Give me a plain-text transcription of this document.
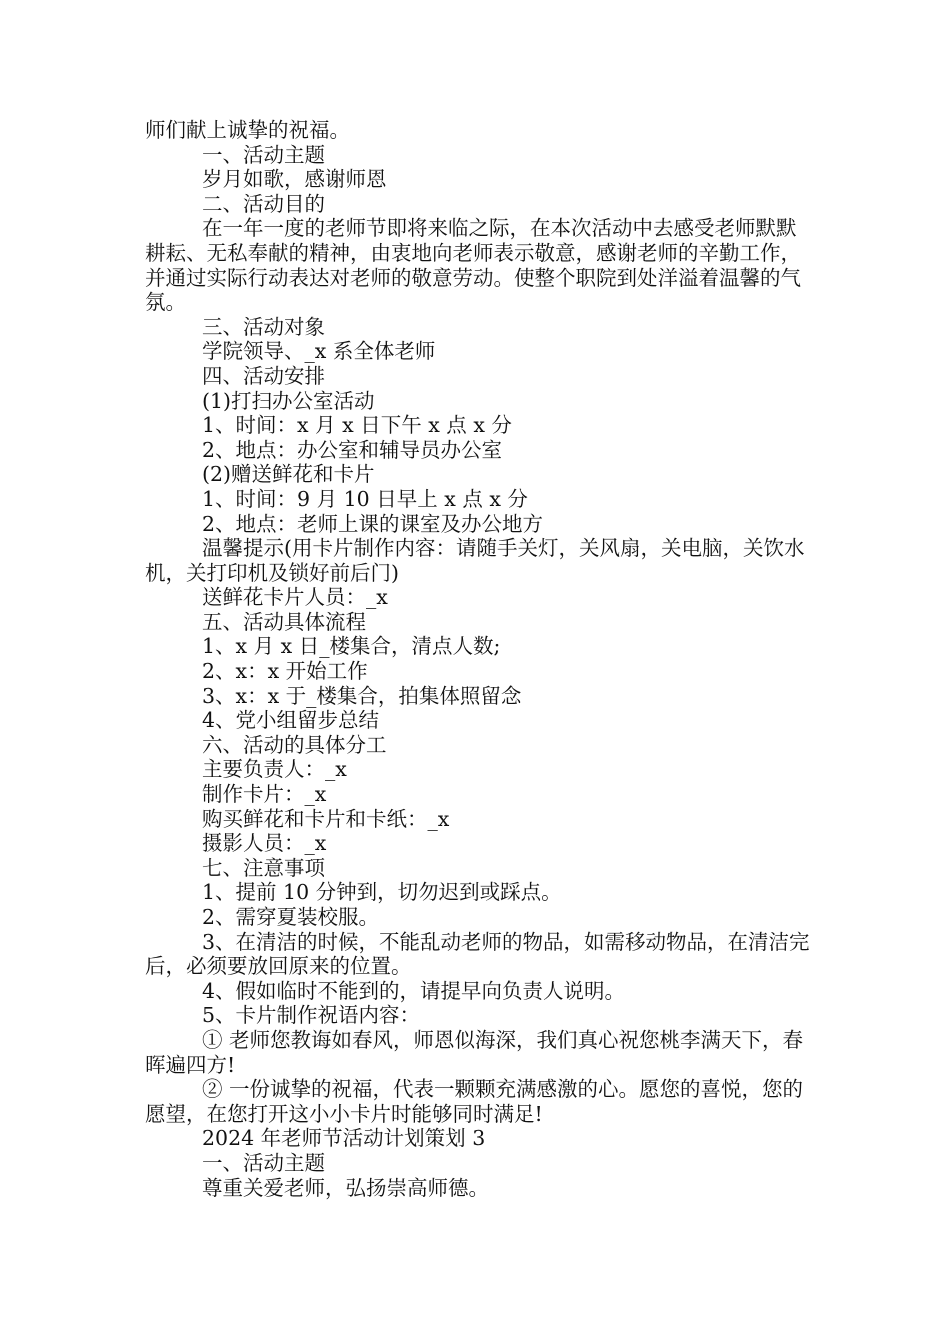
师们献上诚挚的祝福。

一、活动主题

岁月如歌，感谢师恩

二、活动目的

在一年一度的老师节即将来临之际，在本次活动中去感受老师默默耕耘、无私奉献的精神，由衷地向老师表示敬意，感谢老师的辛勤工作，并通过实际行动表达对老师的敬意劳动。使整个职院到处洋溢着温馨的气氛。

三、活动对象

学院领导、_x 系全体老师

四、活动安排

(1)打扫办公室活动

1、时间：x 月 x 日下午 x 点 x 分

2、地点：办公室和辅导员办公室

(2)赠送鲜花和卡片

1、时间：9 月 10 日早上 x 点 x 分

2、地点：老师上课的课室及办公地方

温馨提示(用卡片制作内容：请随手关灯，关风扇，关电脑，关饮水机，关打印机及锁好前后门)

送鲜花卡片人员：_x

五、活动具体流程

1、x 月 x 日_楼集合，清点人数;

2、x：x 开始工作

3、x：x 于_楼集合，拍集体照留念

4、党小组留步总结

六、活动的具体分工

主要负责人：_x

制作卡片：_x

购买鲜花和卡片和卡纸：_x

摄影人员：_x

七、注意事项

1、提前 10 分钟到，切勿迟到或踩点。

2、需穿夏装校服。

3、在清洁的时候，不能乱动老师的物品，如需移动物品，在清洁完后，必须要放回原来的位置。

4、假如临时不能到的，请提早向负责人说明。

5、卡片制作祝语内容：

① 老师您教诲如春风，师恩似海深，我们真心祝您桃李满天下，春晖遍四方!

② 一份诚挚的祝福，代表一颗颗充满感激的心。愿您的喜悦，您的愿望，在您打开这小小卡片时能够同时满足!

2024 年老师节活动计划策划 3

一、活动主题

尊重关爱老师，弘扬崇高师德。
